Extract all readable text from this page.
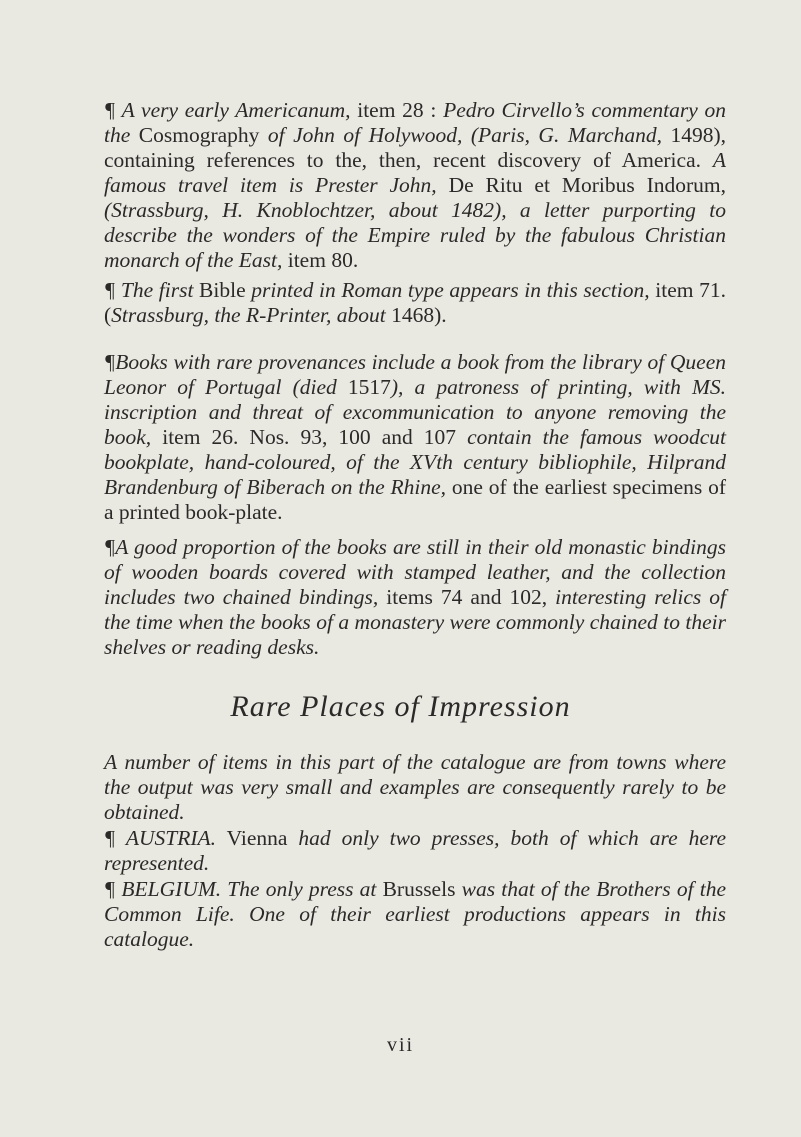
¶ A very early Americanum, item 28 : Pedro Cirvello’s commentary on the Cosmography of John of Holywood, (Paris, G. Marchand, 1498), containing references to the, then, recent discovery of America. A famous travel item is Prester John, De Ritu et Moribus Indorum, (Strassburg, H. Knoblochtzer, about 1482), a letter purporting to describe the wonders of the Empire ruled by the fabulous Christian monarch of the East, item 80.

¶ The first Bible printed in Roman type appears in this section, item 71. (Strassburg, the R-Printer, about 1468).

¶Books with rare provenances include a book from the library of Queen Leonor of Portugal (died 1517), a patroness of printing, with MS. inscription and threat of excommunication to anyone removing the book, item 26. Nos. 93, 100 and 107 contain the famous woodcut bookplate, hand-coloured, of the XVth century bibliophile, Hilprand Brandenburg of Biberach on the Rhine, one of the earliest specimens of a printed book-plate.

¶A good proportion of the books are still in their old monastic bindings of wooden boards covered with stamped leather, and the collection includes two chained bindings, items 74 and 102, interesting relics of the time when the books of a monastery were commonly chained to their shelves or reading desks.

Rare Places of Impression

A number of items in this part of the catalogue are from towns where the output was very small and examples are consequently rarely to be obtained.

¶ AUSTRIA. Vienna had only two presses, both of which are here represented.

¶ BELGIUM. The only press at Brussels was that of the Brothers of the Common Life. One of their earliest productions appears in this catalogue.

vii
